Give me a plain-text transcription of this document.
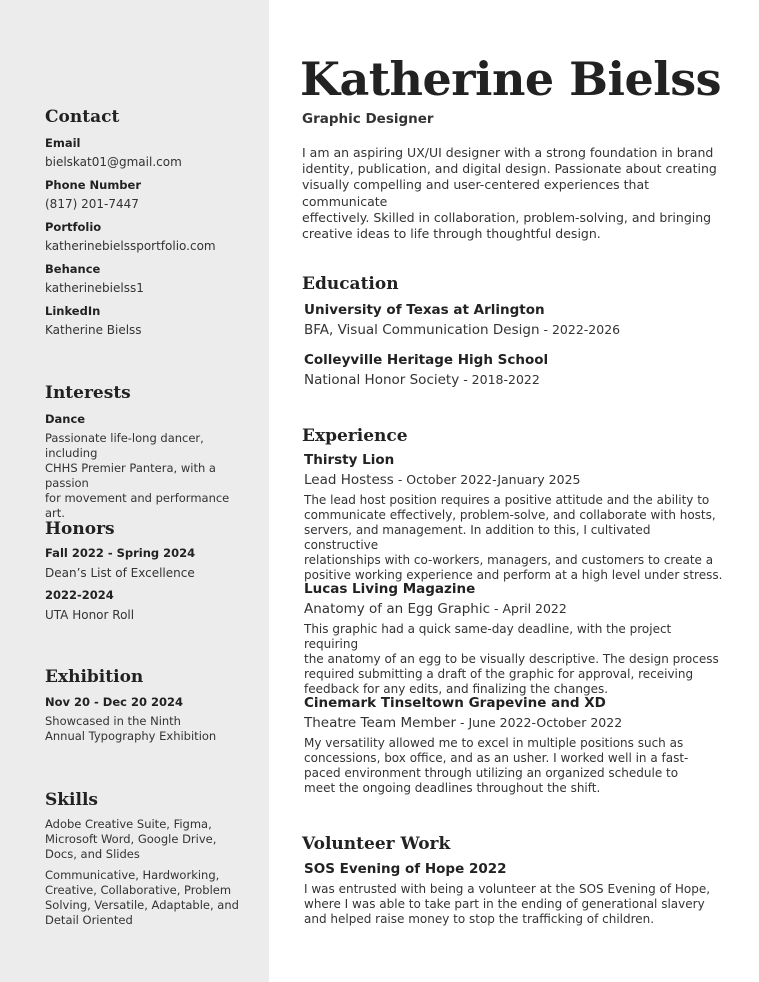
Contact
Email
bielskat01@gmail.com
Phone Number
(817) 201-7447
Portfolio
katherinebielssportfolio.com
Behance
katherinebielss1
LinkedIn
Katherine Bielss
Interests
Dance
Passionate life-long dancer, including
CHHS Premier Pantera, with a passion
for movement and performance art.
Honors
Fall 2022 - Spring 2024
Dean’s List of Excellence
2022-2024
UTA Honor Roll
Exhibition
Nov 20 - Dec 20 2024
Showcased in the Ninth
Annual Typography Exhibition
Skills
Adobe Creative Suite, Figma,
Microsoft Word, Google Drive,
Docs, and Slides
Communicative, Hardworking,
Creative, Collaborative, Problem
Solving, Versatile, Adaptable, and
Detail Oriented
Katherine Bielss
Graphic Designer
I am an aspiring UX/UI designer with a strong foundation in brand
identity, publication, and digital design. Passionate about creating
visually compelling and user-centered experiences that communicate
effectively. Skilled in collaboration, problem-solving, and bringing
creative ideas to life through thoughtful design.
Education
University of Texas at Arlington
BFA, Visual Communication Design - 2022-2026
Colleyville Heritage High School
National Honor Society - 2018-2022
Experience
Thirsty Lion
Lead Hostess - October 2022-January 2025
The lead host position requires a positive attitude and the ability to
communicate effectively, problem-solve, and collaborate with hosts,
servers, and management. In addition to this, I cultivated constructive
relationships with co-workers, managers, and customers to create a
positive working experience and perform at a high level under stress.
Lucas Living Magazine
Anatomy of an Egg Graphic - April 2022
This graphic had a quick same-day deadline, with the project requiring
the anatomy of an egg to be visually descriptive. The design process
required submitting a draft of the graphic for approval, receiving
feedback for any edits, and finalizing the changes.
Cinemark Tinseltown Grapevine and XD
Theatre Team Member - June 2022-October 2022
My versatility allowed me to excel in multiple positions such as
concessions, box office, and as an usher. I worked well in a fast-
paced environment through utilizing an organized schedule to
meet the ongoing deadlines throughout the shift.
Volunteer Work
SOS Evening of Hope 2022
I was entrusted with being a volunteer at the SOS Evening of Hope,
where I was able to take part in the ending of generational slavery
and helped raise money to stop the trafficking of children.
